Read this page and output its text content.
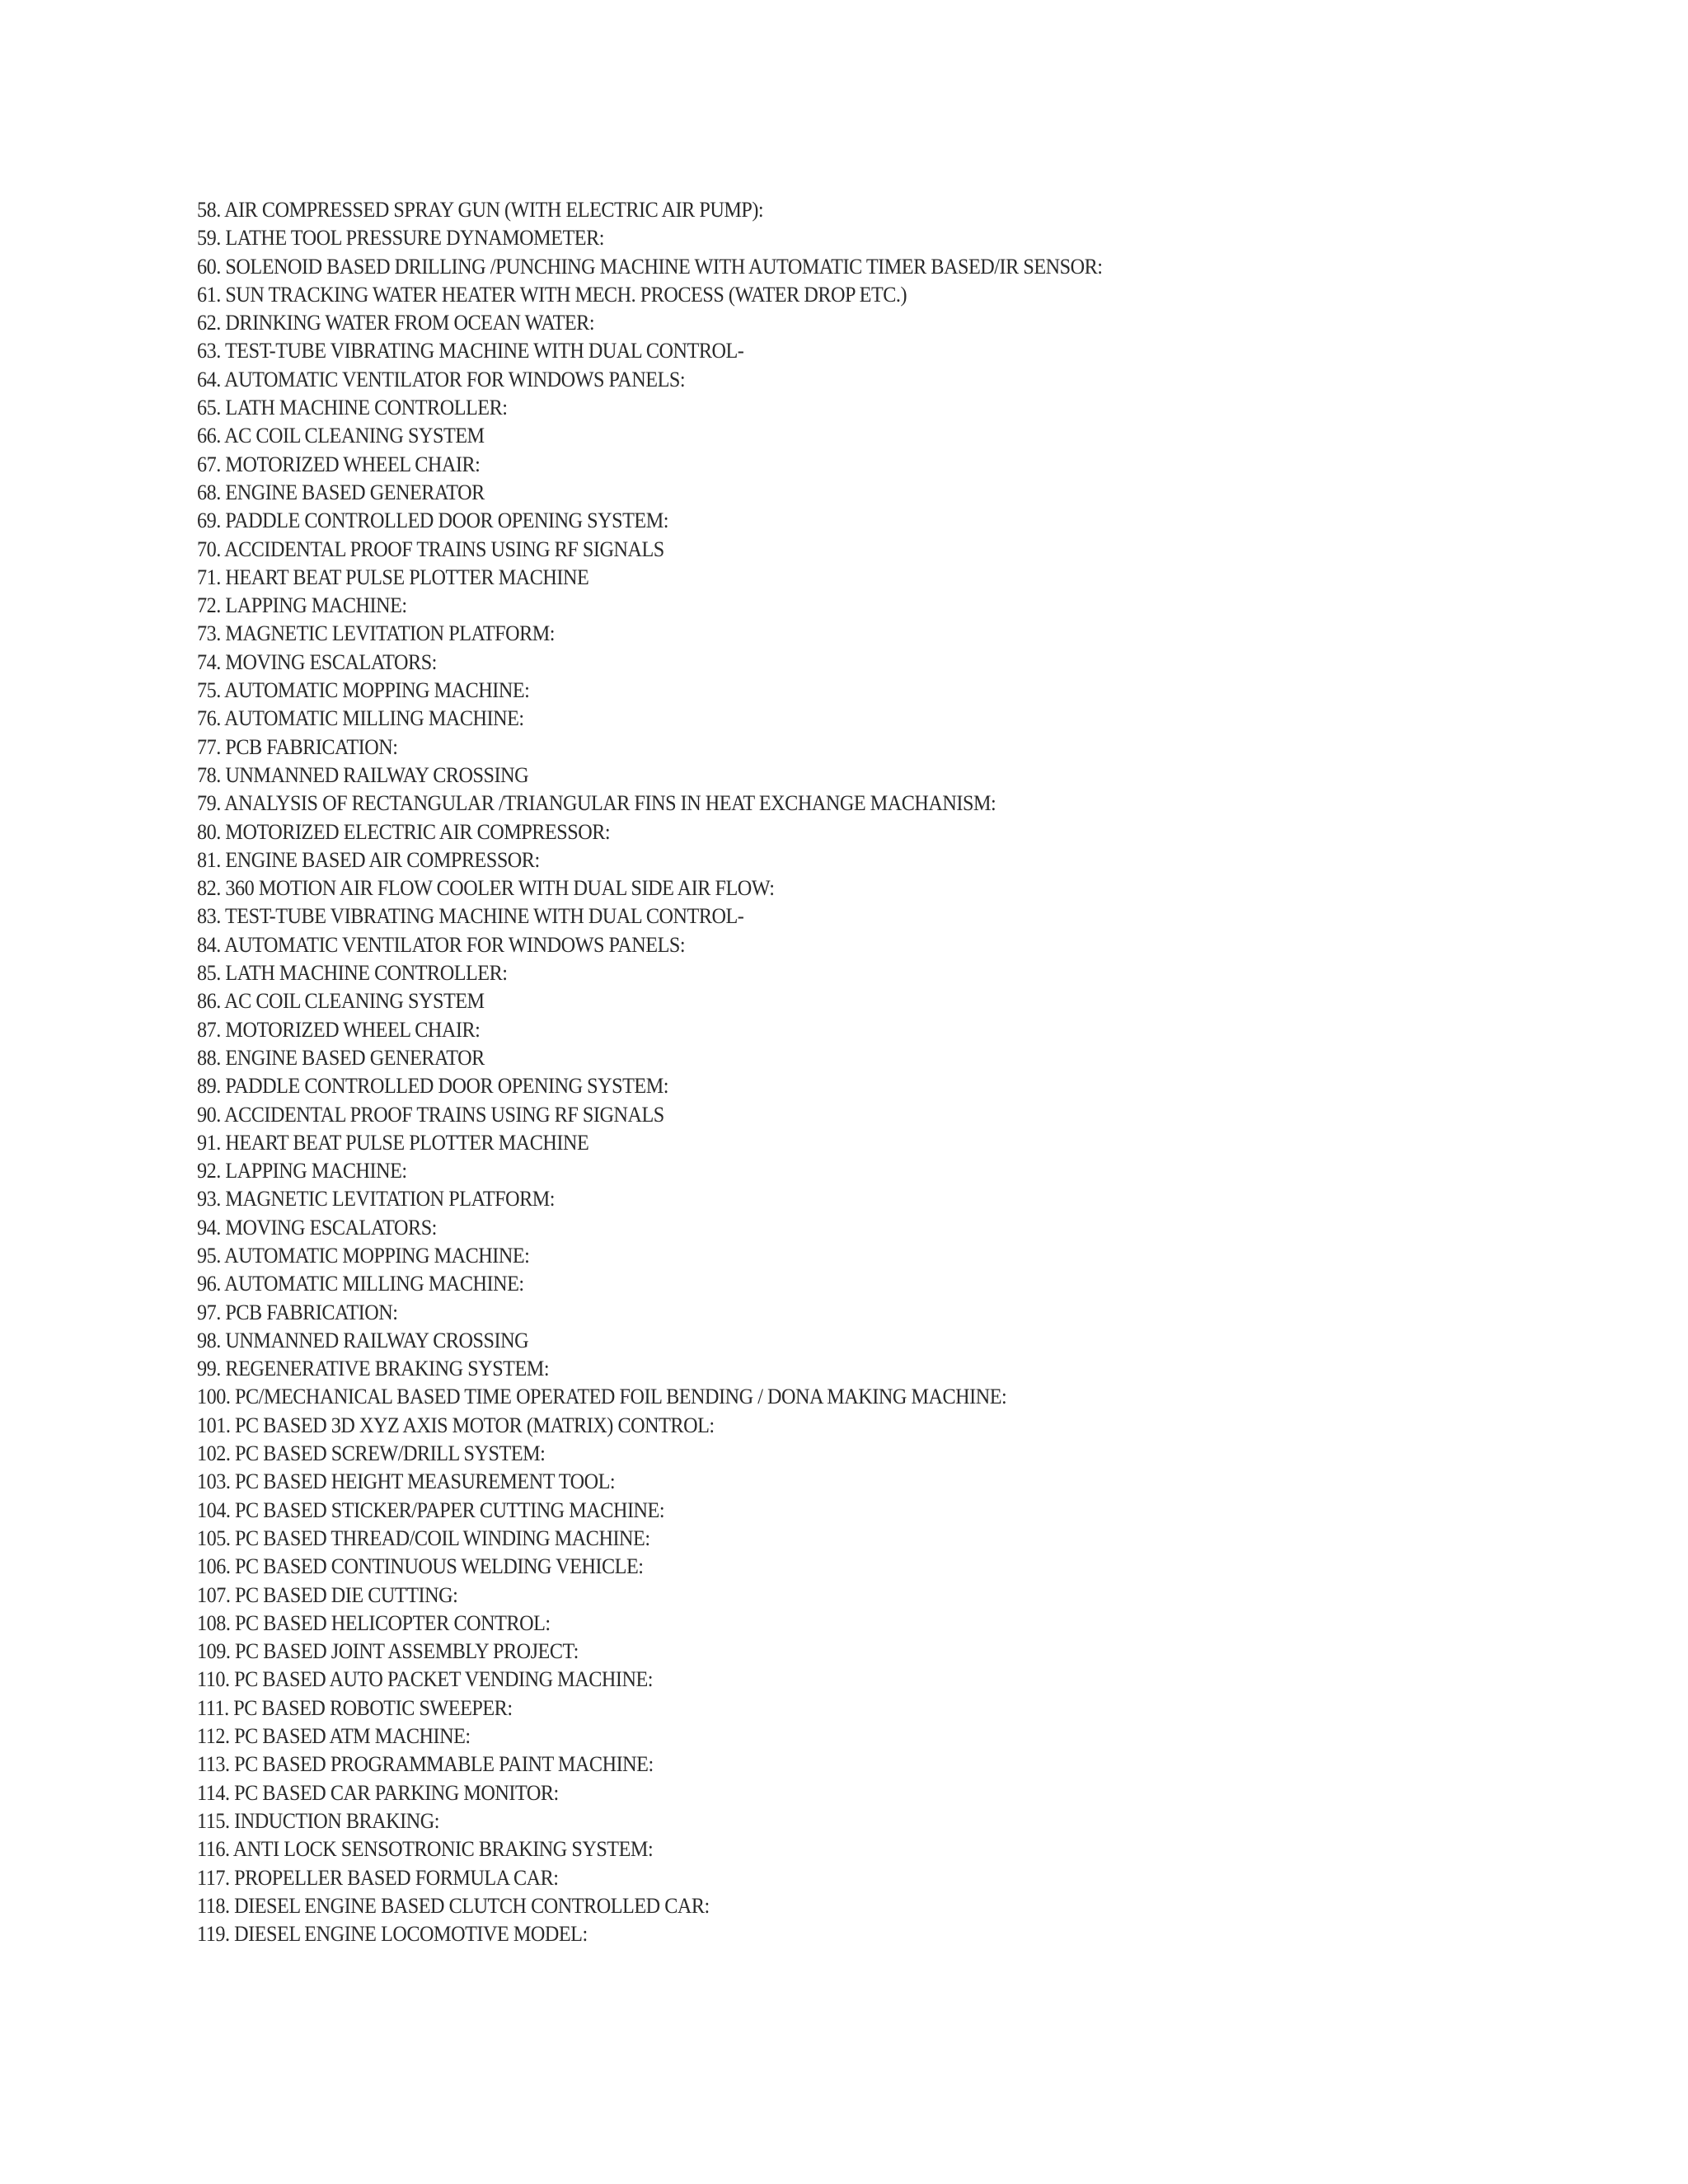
58. AIR COMPRESSED SPRAY GUN (WITH ELECTRIC AIR PUMP):
59. LATHE TOOL PRESSURE DYNAMOMETER:
60. SOLENOID BASED DRILLING /PUNCHING MACHINE WITH AUTOMATIC TIMER BASED/IR SENSOR:
61. SUN TRACKING WATER HEATER WITH MECH. PROCESS (WATER DROP ETC.)
62. DRINKING WATER FROM OCEAN WATER:
63. TEST-TUBE VIBRATING MACHINE WITH DUAL CONTROL-
64. AUTOMATIC VENTILATOR FOR WINDOWS PANELS:
65. LATH MACHINE CONTROLLER:
66. AC COIL CLEANING SYSTEM
67. MOTORIZED WHEEL CHAIR:
68. ENGINE BASED GENERATOR
69. PADDLE CONTROLLED DOOR OPENING SYSTEM:
70. ACCIDENTAL PROOF TRAINS USING RF SIGNALS
71. HEART BEAT PULSE PLOTTER MACHINE
72. LAPPING MACHINE:
73. MAGNETIC LEVITATION PLATFORM:
74. MOVING ESCALATORS:
75. AUTOMATIC MOPPING MACHINE:
76. AUTOMATIC MILLING MACHINE:
77. PCB FABRICATION:
78. UNMANNED RAILWAY CROSSING
79. ANALYSIS OF RECTANGULAR /TRIANGULAR FINS IN HEAT EXCHANGE MACHANISM:
80. MOTORIZED ELECTRIC AIR COMPRESSOR:
81. ENGINE BASED AIR COMPRESSOR:
82. 360 MOTION AIR FLOW COOLER WITH DUAL SIDE AIR FLOW:
83. TEST-TUBE VIBRATING MACHINE WITH DUAL CONTROL-
84. AUTOMATIC VENTILATOR FOR WINDOWS PANELS:
85. LATH MACHINE CONTROLLER:
86. AC COIL CLEANING SYSTEM
87. MOTORIZED WHEEL CHAIR:
88. ENGINE BASED GENERATOR
89. PADDLE CONTROLLED DOOR OPENING SYSTEM:
90. ACCIDENTAL PROOF TRAINS USING RF SIGNALS
91. HEART BEAT PULSE PLOTTER MACHINE
92. LAPPING MACHINE:
93. MAGNETIC LEVITATION PLATFORM:
94. MOVING ESCALATORS:
95. AUTOMATIC MOPPING MACHINE:
96. AUTOMATIC MILLING MACHINE:
97. PCB FABRICATION:
98. UNMANNED RAILWAY CROSSING
99. REGENERATIVE BRAKING SYSTEM:
100. PC/MECHANICAL BASED TIME OPERATED FOIL BENDING / DONA MAKING MACHINE:
101. PC BASED 3D XYZ AXIS MOTOR (MATRIX) CONTROL:
102. PC BASED SCREW/DRILL SYSTEM:
103. PC BASED HEIGHT MEASUREMENT TOOL:
104. PC BASED STICKER/PAPER CUTTING MACHINE:
105. PC BASED THREAD/COIL WINDING MACHINE:
106. PC BASED CONTINUOUS WELDING VEHICLE:
107. PC BASED DIE CUTTING:
108. PC BASED HELICOPTER CONTROL:
109. PC BASED JOINT ASSEMBLY PROJECT:
110. PC BASED AUTO PACKET VENDING MACHINE:
111. PC BASED ROBOTIC SWEEPER:
112. PC BASED ATM MACHINE:
113. PC BASED PROGRAMMABLE PAINT MACHINE:
114. PC BASED CAR PARKING MONITOR:
115. INDUCTION BRAKING:
116. ANTI LOCK SENSOTRONIC BRAKING SYSTEM:
117. PROPELLER BASED FORMULA CAR:
118. DIESEL ENGINE BASED CLUTCH CONTROLLED CAR:
119. DIESEL ENGINE LOCOMOTIVE MODEL:
